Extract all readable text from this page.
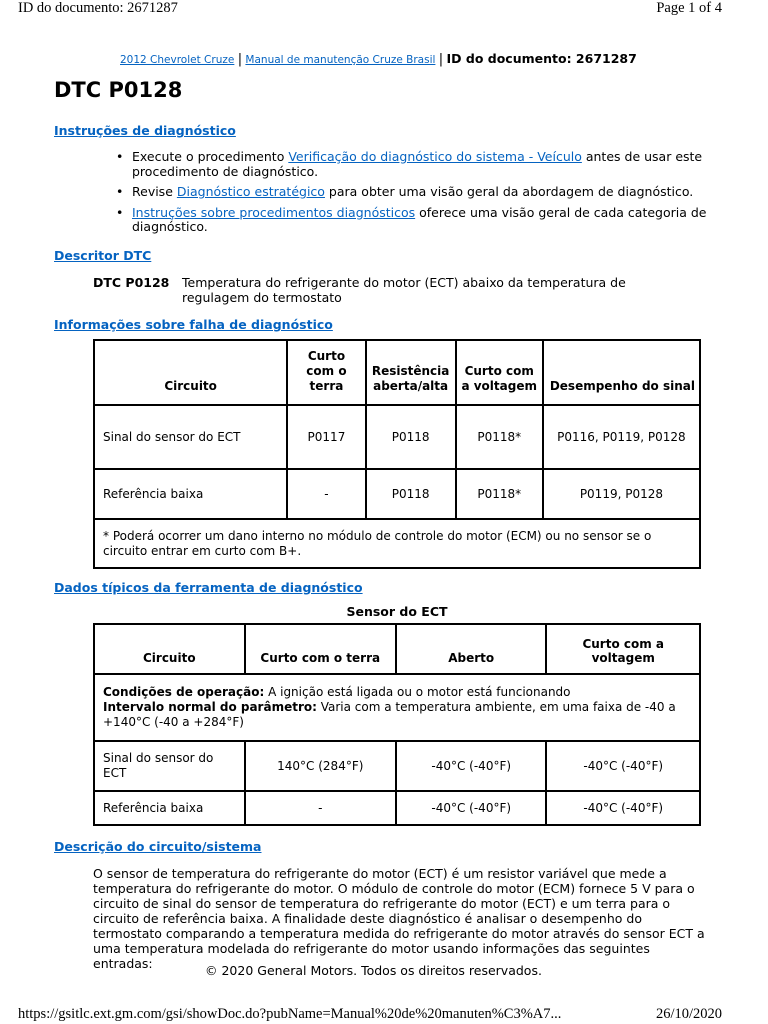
ID do documento: 2671287	Page 1 of 4
2012 Chevrolet Cruze | Manual de manutenção Cruze Brasil | ID do documento: 2671287
DTC P0128
Instruções de diagnóstico
• Execute o procedimento Verificação do diagnóstico do sistema - Veículo antes de usar este procedimento de diagnóstico.
• Revise Diagnóstico estratégico para obter uma visão geral da abordagem de diagnóstico.
• Instruções sobre procedimentos diagnósticos oferece uma visão geral de cada categoria de diagnóstico.
Descritor DTC
DTC P0128 Temperatura do refrigerante do motor (ECT) abaixo da temperatura de regulagem do termostato
Informações sobre falha de diagnóstico
Circuito	Curto com o terra	Resistência aberta/alta	Curto com a voltagem	Desempenho do sinal
Sinal do sensor do ECT	P0117	P0118	P0118*	P0116, P0119, P0128
Referência baixa	-	P0118	P0118*	P0119, P0128
* Poderá ocorrer um dano interno no módulo de controle do motor (ECM) ou no sensor se o circuito entrar em curto com B+.				
Dados típicos da ferramenta de diagnóstico
Sensor do ECT
Circuito	Curto com o terra	Aberto	Curto com a voltagem
Condições de operação: A ignição está ligada ou o motor está funcionando
Intervalo normal do parâmetro: Varia com a temperatura ambiente, em uma faixa de -40 a +140°C (-40 a +284°F)			
Sinal do sensor do ECT	140°C (284°F)	-40°C (-40°F)	-40°C (-40°F)
Referência baixa	-	-40°C (-40°F)	-40°C (-40°F)
Descrição do circuito/sistema
O sensor de temperatura do refrigerante do motor (ECT) é um resistor variável que mede a temperatura do refrigerante do motor. O módulo de controle do motor (ECM) fornece 5 V para o circuito de sinal do sensor de temperatura do refrigerante do motor (ECT) e um terra para o circuito de referência baixa. A finalidade deste diagnóstico é analisar o desempenho do termostato comparando a temperatura medida do refrigerante do motor através do sensor ECT a uma temperatura modelada do refrigerante do motor usando informações das seguintes entradas:	© 2020 General Motors. Todos os direitos reservados.
https://gsitlc.ext.gm.com/gsi/showDoc.do?pubName=Manual%20de%20manuten%C3%A7...	26/10/2020
